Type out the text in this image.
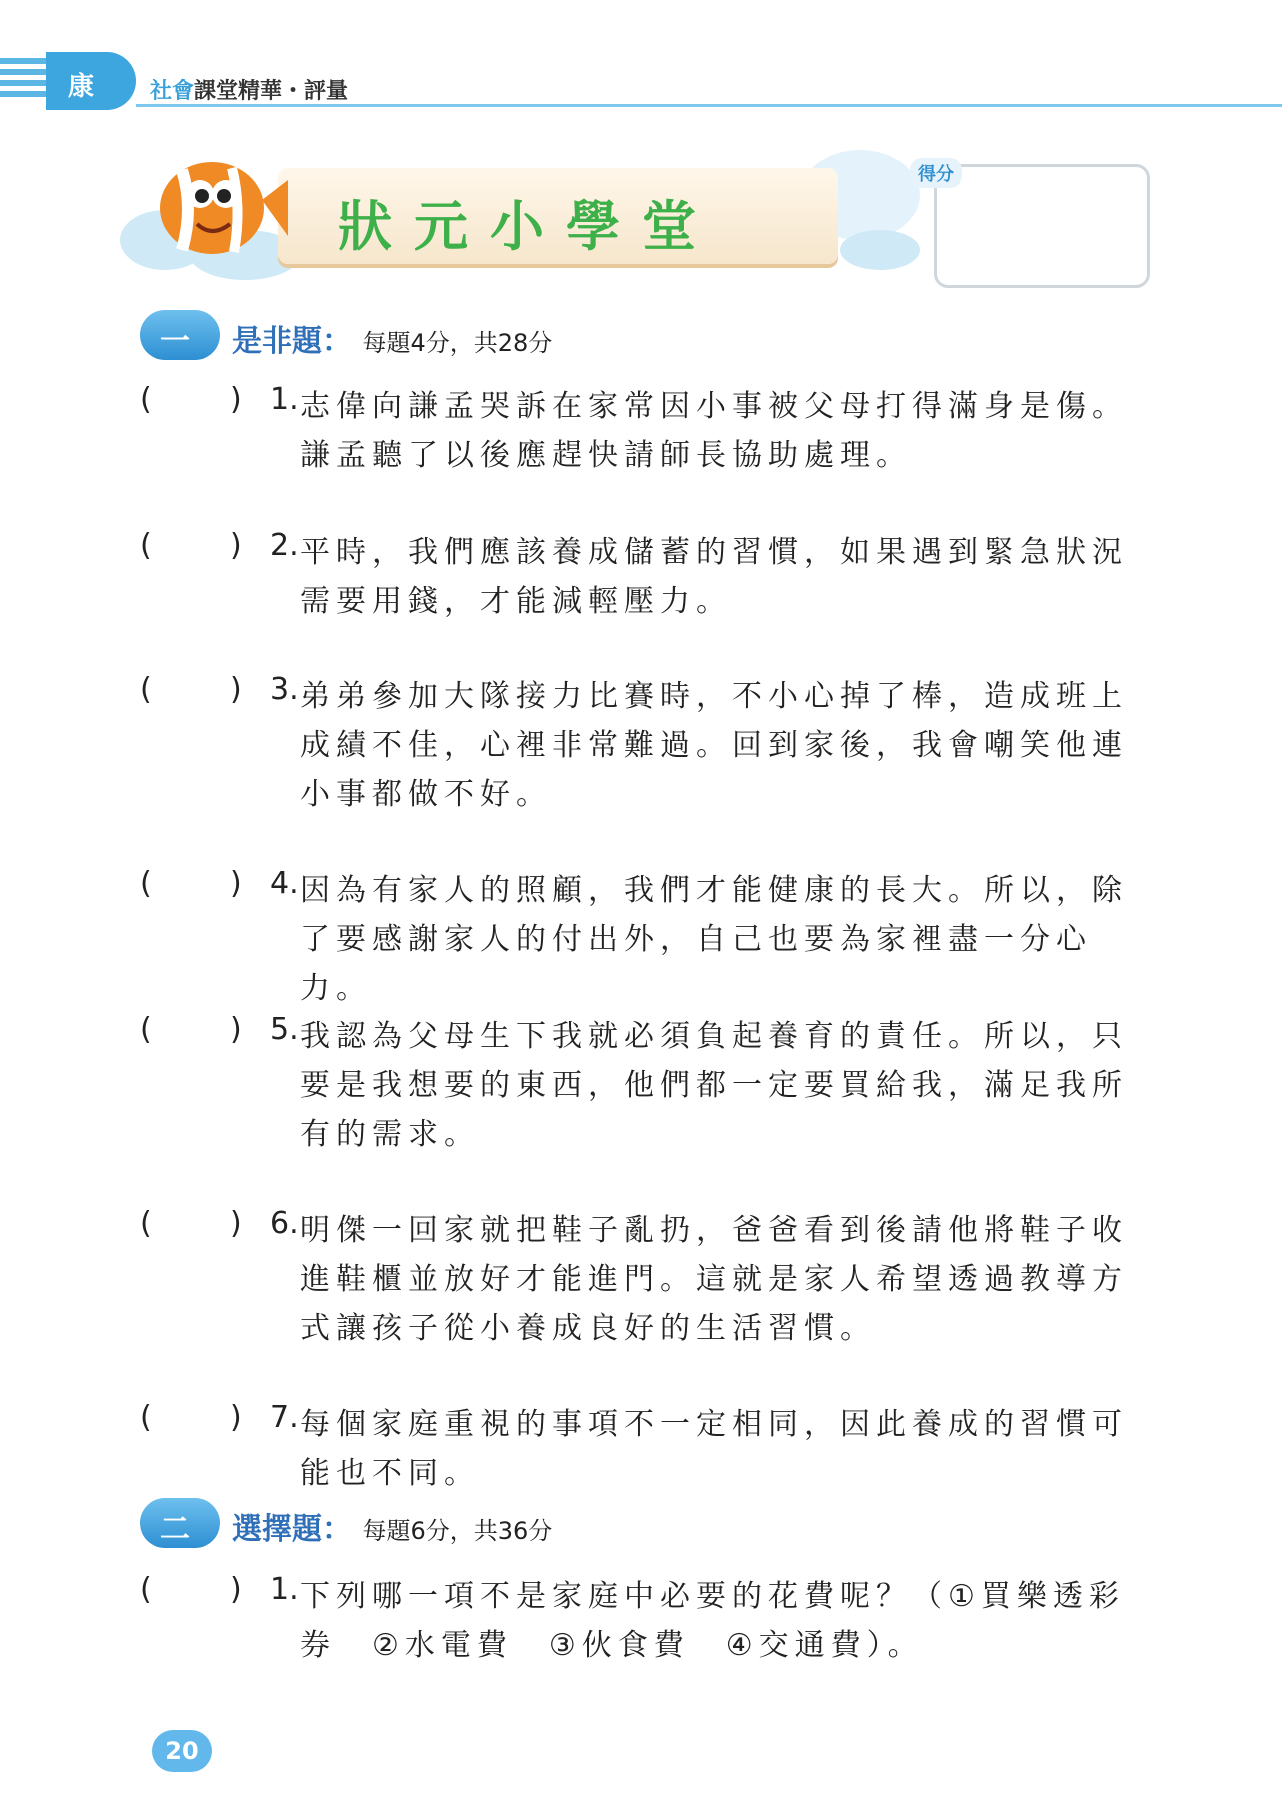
康	社會課堂精華・評量
狀元小學堂
得分
一 是非題： 每題4分，共28分
(	) 1. 志偉向謙孟哭訴在家常因小事被父母打得滿身是傷。謙孟聽了以後應趕快請師長協助處理。
(	) 2. 平時，我們應該養成儲蓄的習慣，如果遇到緊急狀況需要用錢，才能減輕壓力。
(	) 3. 弟弟參加大隊接力比賽時，不小心掉了棒，造成班上成績不佳，心裡非常難過。回到家後，我會嘲笑他連小事都做不好。
(	) 4. 因為有家人的照顧，我們才能健康的長大。所以，除了要感謝家人的付出外，自己也要為家裡盡一分心力。
(	) 5. 我認為父母生下我就必須負起養育的責任。所以，只要是我想要的東西，他們都一定要買給我，滿足我所有的需求。
(	) 6. 明傑一回家就把鞋子亂扔，爸爸看到後請他將鞋子收進鞋櫃並放好才能進門。這就是家人希望透過教導方式讓孩子從小養成良好的生活習慣。
(	) 7. 每個家庭重視的事項不一定相同，因此養成的習慣可能也不同。
二 選擇題： 每題6分，共36分
(	) 1. 下列哪一項不是家庭中必要的花費呢？（①買樂透彩券　②水電費　③伙食費　④交通費）。
20
